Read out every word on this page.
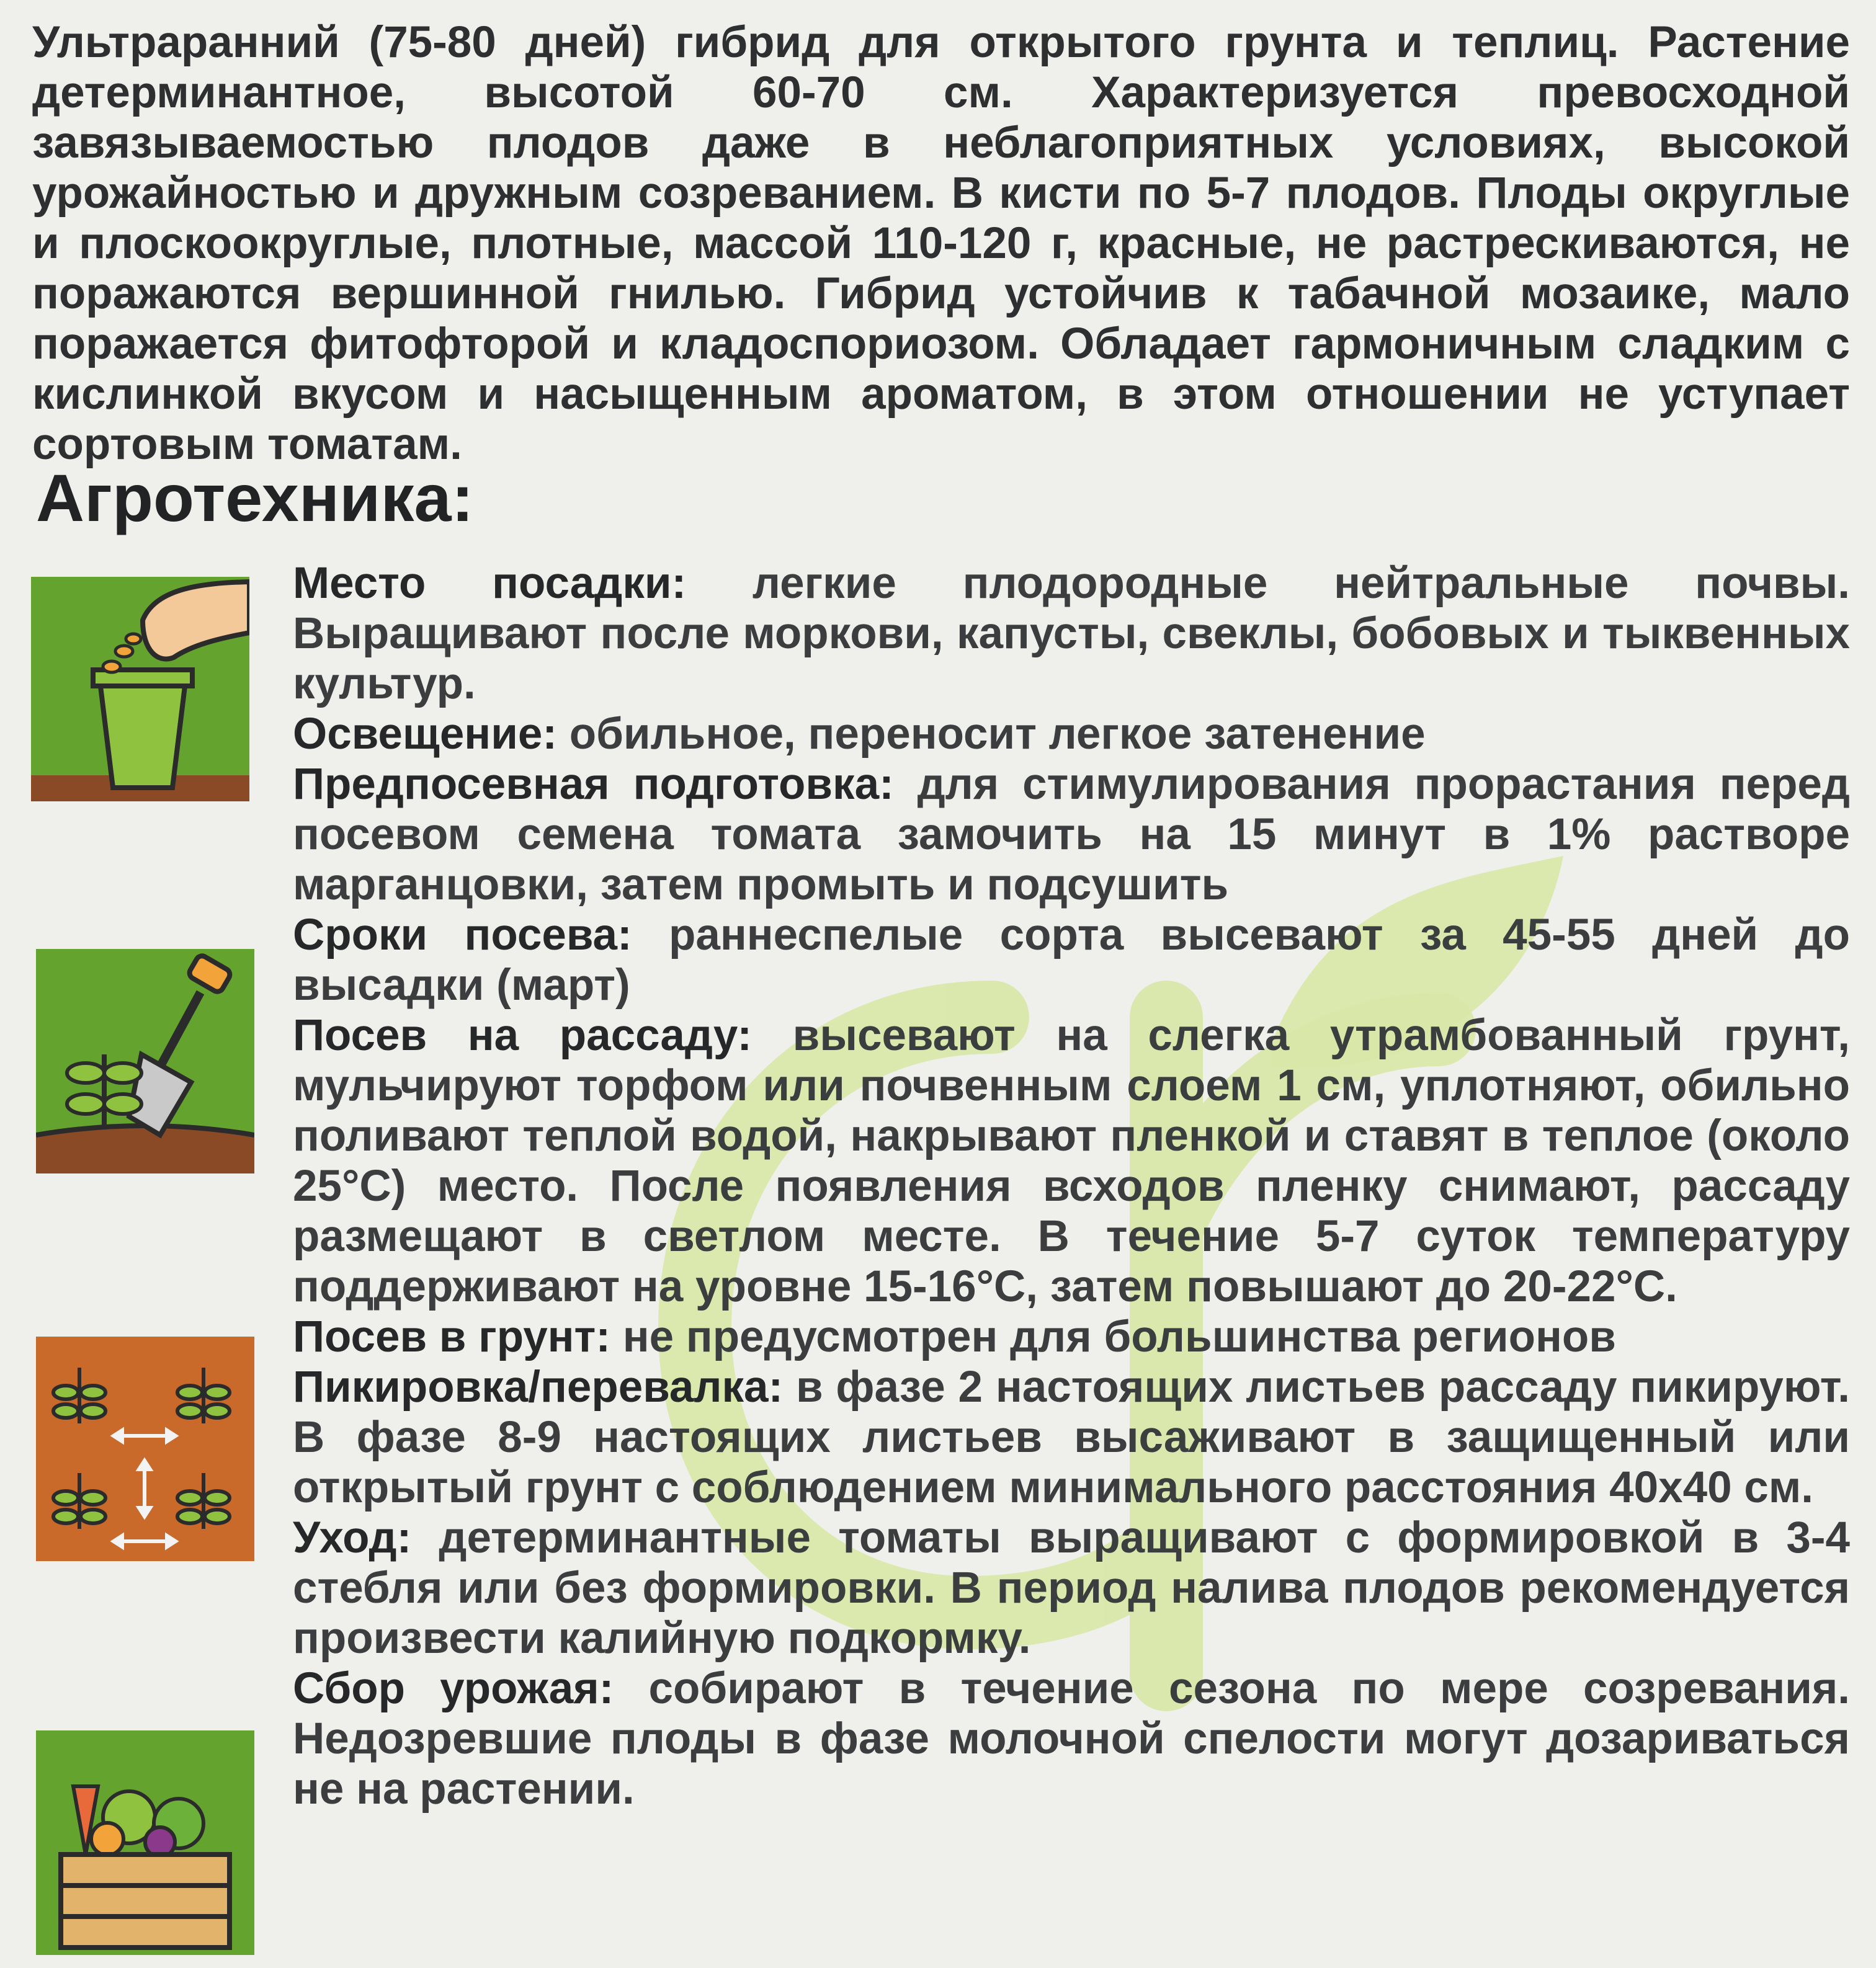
Ультраранний (75-80 дней) гибрид для открытого грунта и теплиц. Растение детерминантное, высотой 60-70 см. Характеризуется превосходной завязываемостью плодов даже в неблагоприятных условиях, высокой урожайностью и дружным созреванием. В кисти по 5-7 плодов. Плоды округлые и плоскоокруглые, плотные, массой 110-120 г, красные, не растрескиваются, не поражаются вершинной гнилью. Гибрид устойчив к табачной мозаике, мало поражается фитофторой и кладоспориозом. Обладает гармоничным сладким с кислинкой вкусом и насыщенным ароматом, в этом отношении не уступает сортовым томатам.

Агротехника:

Место посадки: легкие плодородные нейтральные почвы. Выращивают после моркови, капусты, свеклы, бобовых и тыквенных культур.

Освещение: обильное, переносит легкое затенение

Предпосевная подготовка: для стимулирования прорастания перед посевом семена томата замочить на 15 минут в 1% растворе марганцовки, затем промыть и подсушить

Сроки посева: раннеспелые сорта высевают за 45-55 дней до высадки (март)

Посев на рассаду: высевают на слегка утрамбованный грунт, мульчируют торфом или почвенным слоем 1 см, уплотняют, обильно поливают теплой водой, накрывают пленкой и ставят в теплое (около 25°С) место. После появления всходов пленку снимают, рассаду размещают в светлом месте. В течение 5-7 суток температуру поддерживают на уровне 15-16°С, затем повышают до 20-22°С.

Посев в грунт: не предусмотрен для большинства регионов

Пикировка/перевалка: в фазе 2 настоящих листьев рассаду пикируют. В фазе 8-9 настоящих листьев высаживают в защищенный или открытый грунт с соблюдением минимального расстояния 40х40 см.

Уход: детерминантные томаты выращивают с формировкой в 3-4 стебля или без формировки. В период налива плодов рекомендуется произвести калийную подкормку.

Сбор урожая: собирают в течение сезона по мере созревания. Недозревшие плоды в фазе молочной спелости могут дозариваться не на растении.
